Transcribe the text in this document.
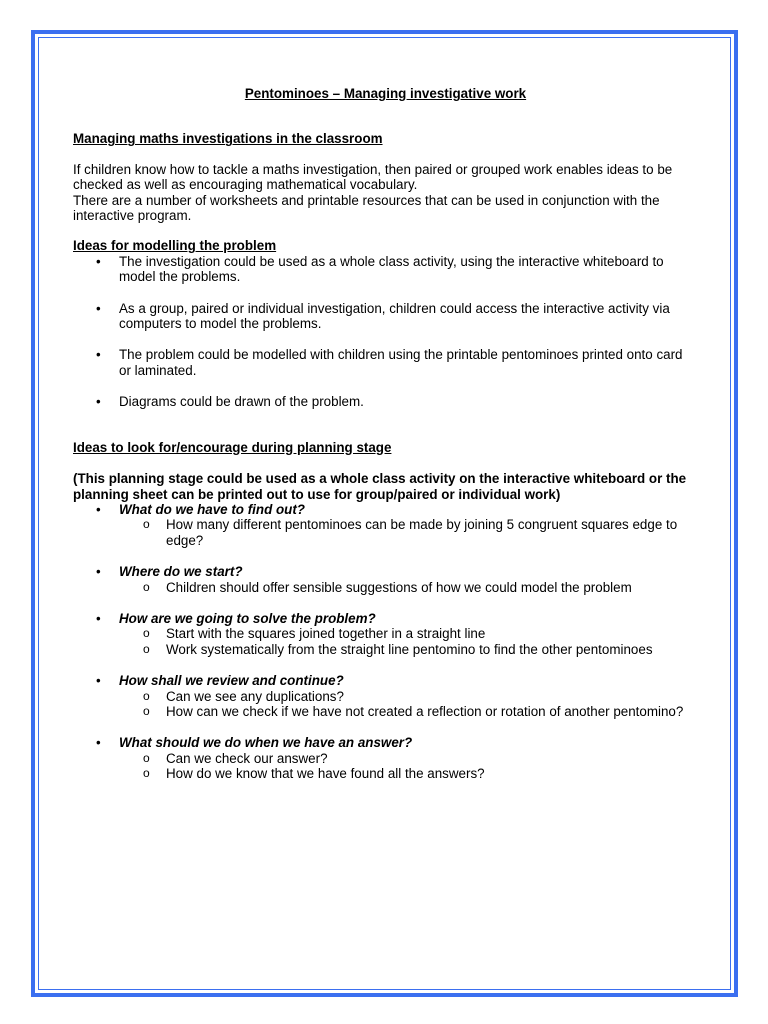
Pentominoes – Managing investigative work

Managing maths investigations in the classroom

If children know how to tackle a maths investigation, then paired or grouped work enables ideas to be checked as well as encouraging mathematical vocabulary.

There are a number of worksheets and printable resources that can be used in conjunction with the interactive program.

Ideas for modelling the problem

• The investigation could be used as a whole class activity, using the interactive whiteboard to model the problems.
• As a group, paired or individual investigation, children could access the interactive activity via computers to model the problems.
• The problem could be modelled with children using the printable pentominoes printed onto card or laminated.
• Diagrams could be drawn of the problem.

Ideas to look for/encourage during planning stage

(This planning stage could be used as a whole class activity on the interactive whiteboard or the planning sheet can be printed out to use for group/paired or individual work)

• What do we have to find out?
o How many different pentominoes can be made by joining 5 congruent squares edge to edge?
• Where do we start?
o Children should offer sensible suggestions of how we could model the problem
• How are we going to solve the problem?
o Start with the squares joined together in a straight line
o Work systematically from the straight line pentomino to find the other pentominoes
• How shall we review and continue?
o Can we see any duplications?
o How can we check if we have not created a reflection or rotation of another pentomino?
• What should we do when we have an answer?
o Can we check our answer?
o How do we know that we have found all the answers?
